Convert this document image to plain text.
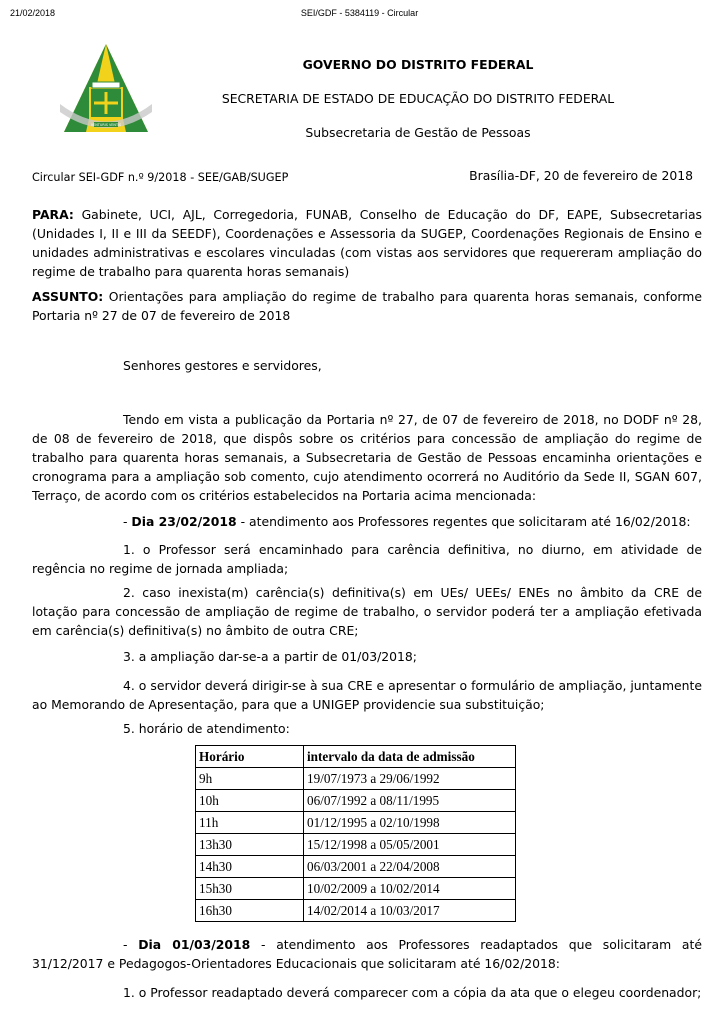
21/02/2018	SEI/GDF - 5384119 - Circular
VENTURIS VENTIS
GOVERNO DO DISTRITO FEDERAL
SECRETARIA DE ESTADO DE EDUCAÇÃO DO DISTRITO FEDERAL
Subsecretaria de Gestão de Pessoas
Circular SEI-GDF n.º 9/2018 - SEE/GAB/SUGEP	Brasília-DF, 20 de fevereiro de 2018
PARA: Gabinete, UCI, AJL, Corregedoria, FUNAB, Conselho de Educação do DF, EAPE, Subsecretarias (Unidades I, II e III da SEEDF), Coordenações e Assessoria da SUGEP, Coordenações Regionais de Ensino e unidades administrativas e escolares vinculadas (com vistas aos servidores que requereram ampliação do regime de trabalho para quarenta horas semanais)
ASSUNTO: Orientações para ampliação do regime de trabalho para quarenta horas semanais, conforme Portaria nº 27 de 07 de fevereiro de 2018
Senhores gestores e servidores,
Tendo em vista a publicação da Portaria nº 27, de 07 de fevereiro de 2018, no DODF nº 28, de 08 de fevereiro de 2018, que dispôs sobre os critérios para concessão de ampliação do regime de trabalho para quarenta horas semanais, a Subsecretaria de Gestão de Pessoas encaminha orientações e cronograma para a ampliação sob comento, cujo atendimento ocorrerá no Auditório da Sede II, SGAN 607, Terraço, de acordo com os critérios estabelecidos na Portaria acima mencionada:
- Dia 23/02/2018 - atendimento aos Professores regentes que solicitaram até 16/02/2018:
1. o Professor será encaminhado para carência definitiva, no diurno, em atividade de regência no regime de jornada ampliada;
2. caso inexista(m) carência(s) definitiva(s) em UEs/ UEEs/ ENEs no âmbito da CRE de lotação para concessão de ampliação de regime de trabalho, o servidor poderá ter a ampliação efetivada em carência(s) definitiva(s) no âmbito de outra CRE;
3. a ampliação dar-se-a a partir de 01/03/2018;
4. o servidor deverá dirigir-se à sua CRE e apresentar o formulário de ampliação, juntamente ao Memorando de Apresentação, para que a UNIGEP providencie sua substituição;
5. horário de atendimento:
Horário	intervalo da data de admissão
9h	19/07/1973 a 29/06/1992
10h	06/07/1992 a 08/11/1995
11h	01/12/1995 a 02/10/1998
13h30	15/12/1998 a 05/05/2001
14h30	06/03/2001 a 22/04/2008
15h30	10/02/2009 a 10/02/2014
16h30	14/02/2014 a 10/03/2017
- Dia 01/03/2018 - atendimento aos Professores readaptados que solicitaram até 31/12/2017 e Pedagogos-Orientadores Educacionais que solicitaram até 16/02/2018:
1. o Professor readaptado deverá comparecer com a cópia da ata que o elegeu coordenador;
